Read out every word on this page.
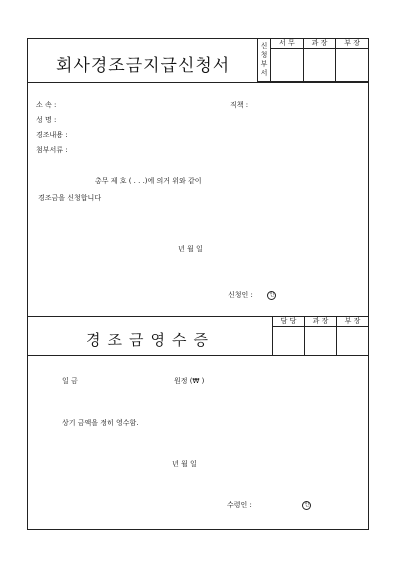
회사경조금지급신청서
신청부서	서 무	과 장	부 장

소 속 :	직책 :
성 명 :
경조내용 :
첨부서류 :
총무 제 호 ( . . .)에 의거 위와 같이
경조금을 신청합니다
년 월 일
신청인 :	인
경조금영수증
담 당	과 장	부 장

일 금	원정 (₩ )
상기 금액을 정히 영수함.
년 월 일
수령인 :	인
